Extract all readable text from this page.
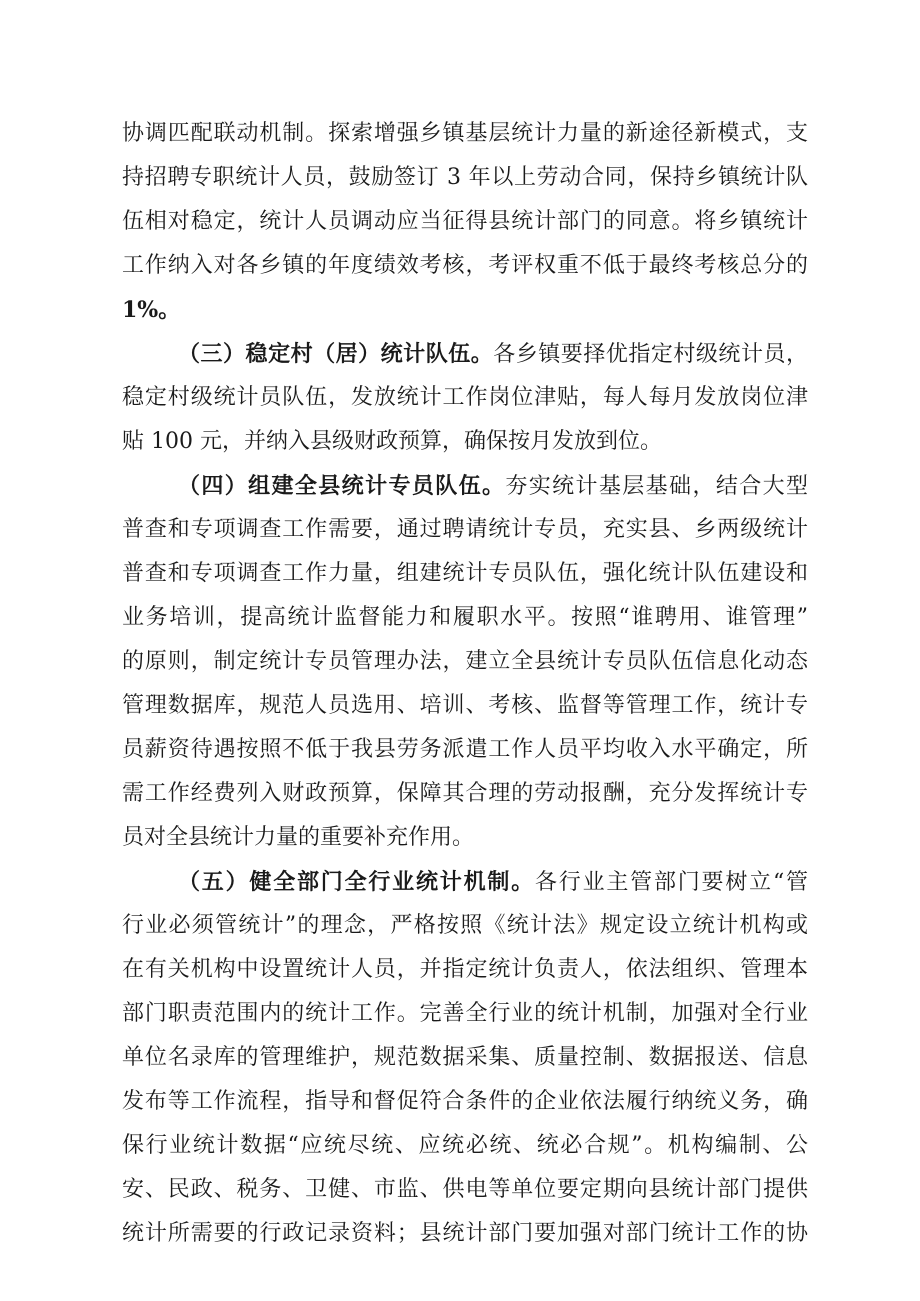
协调匹配联动机制。探索增强乡镇基层统计力量的新途径新模式，支
持招聘专职统计人员，鼓励签订 3 年以上劳动合同，保持乡镇统计队
伍相对稳定，统计人员调动应当征得县统计部门的同意。将乡镇统计
工作纳入对各乡镇的年度绩效考核，考评权重不低于最终考核总分的
1%。
（三）稳定村（居）统计队伍。各乡镇要择优指定村级统计员，
稳定村级统计员队伍，发放统计工作岗位津贴，每人每月发放岗位津
贴 100 元，并纳入县级财政预算，确保按月发放到位。
（四）组建全县统计专员队伍。夯实统计基层基础，结合大型
普查和专项调查工作需要，通过聘请统计专员，充实县、乡两级统计
普查和专项调查工作力量，组建统计专员队伍，强化统计队伍建设和
业务培训，提高统计监督能力和履职水平。按照“谁聘用、谁管理”
的原则，制定统计专员管理办法，建立全县统计专员队伍信息化动态
管理数据库，规范人员选用、培训、考核、监督等管理工作，统计专
员薪资待遇按照不低于我县劳务派遣工作人员平均收入水平确定，所
需工作经费列入财政预算，保障其合理的劳动报酬，充分发挥统计专
员对全县统计力量的重要补充作用。
（五）健全部门全行业统计机制。各行业主管部门要树立“管
行业必须管统计”的理念，严格按照《统计法》规定设立统计机构或
在有关机构中设置统计人员，并指定统计负责人，依法组织、管理本
部门职责范围内的统计工作。完善全行业的统计机制，加强对全行业
单位名录库的管理维护，规范数据采集、质量控制、数据报送、信息
发布等工作流程，指导和督促符合条件的企业依法履行纳统义务，确
保行业统计数据“应统尽统、应统必统、统必合规”。机构编制、公
安、民政、税务、卫健、市监、供电等单位要定期向县统计部门提供
统计所需要的行政记录资料；县统计部门要加强对部门统计工作的协
